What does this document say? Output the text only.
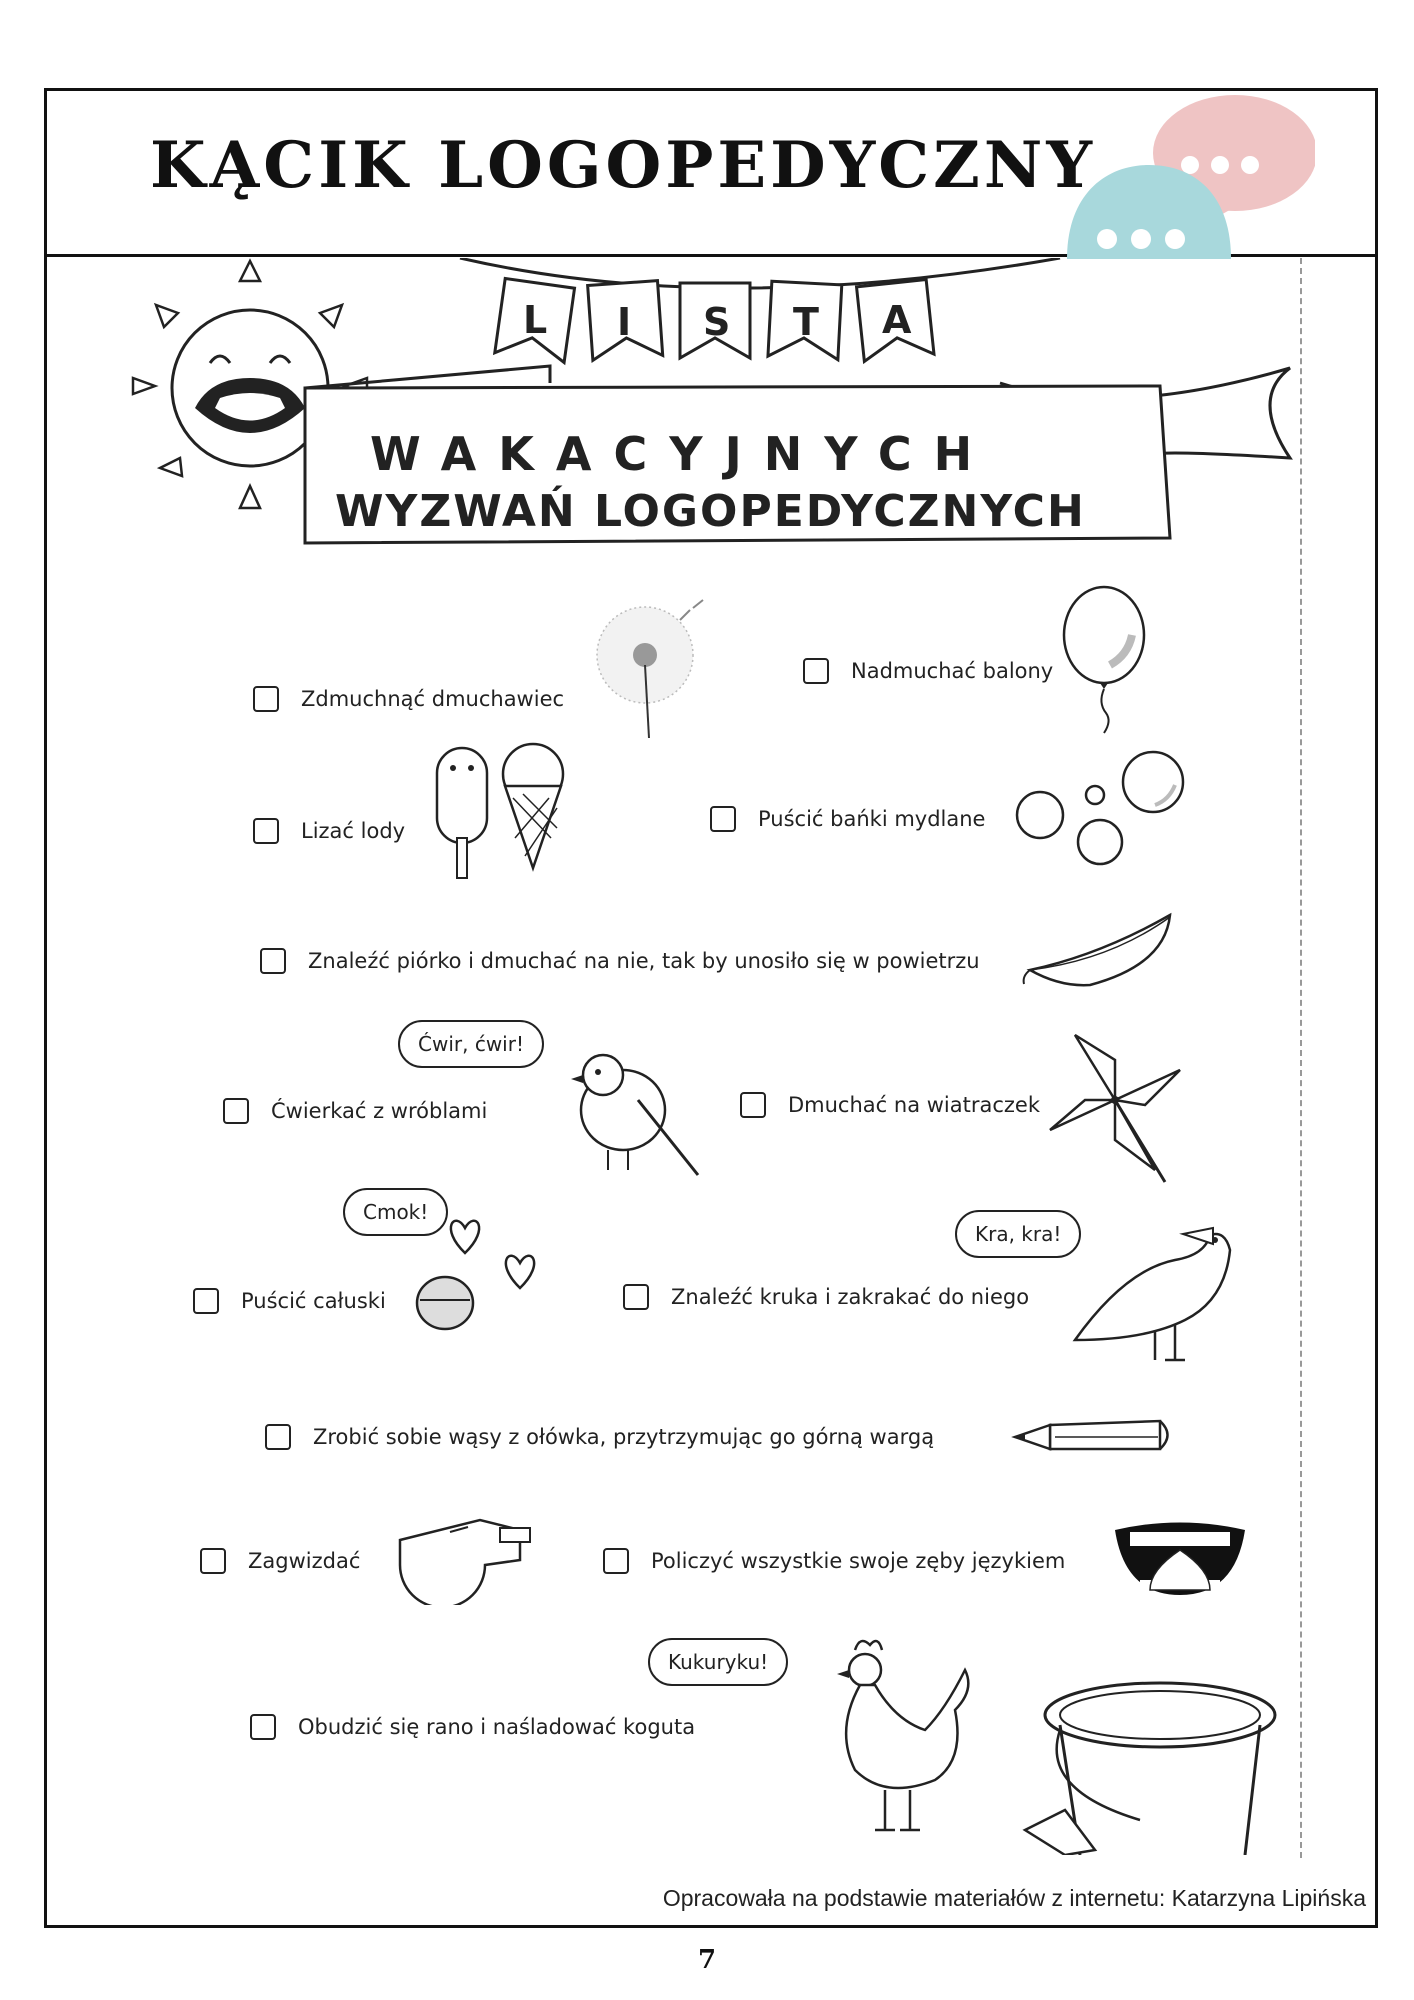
KĄCIK LOGOPEDYCZNY
L I S T A
WAKACYJNYCH
WYZWAŃ LOGOPEDYCZNYCH
Zdmuchnąć dmuchawiec
Nadmuchać balony
Lizać lody	Puścić bańki mydlane
Znaleźć piórko i dmuchać na nie, tak by unosiło się w powietrzu
Ćwierkać z wróblami	Dmuchać na wiatraczek
Puścić całuski	Znaleźć kruka i zakrakać do niego
Zrobić sobie wąsy z ołówka, przytrzymując go górną wargą
Zagwizdać	Policzyć wszystkie swoje zęby językiem
Obudzić się rano i naśladować koguta
Ćwir, ćwir!
Cmok!
Kra, kra!
Kukuryku!
Opracowała na podstawie materiałów z internetu: Katarzyna Lipińska
7
